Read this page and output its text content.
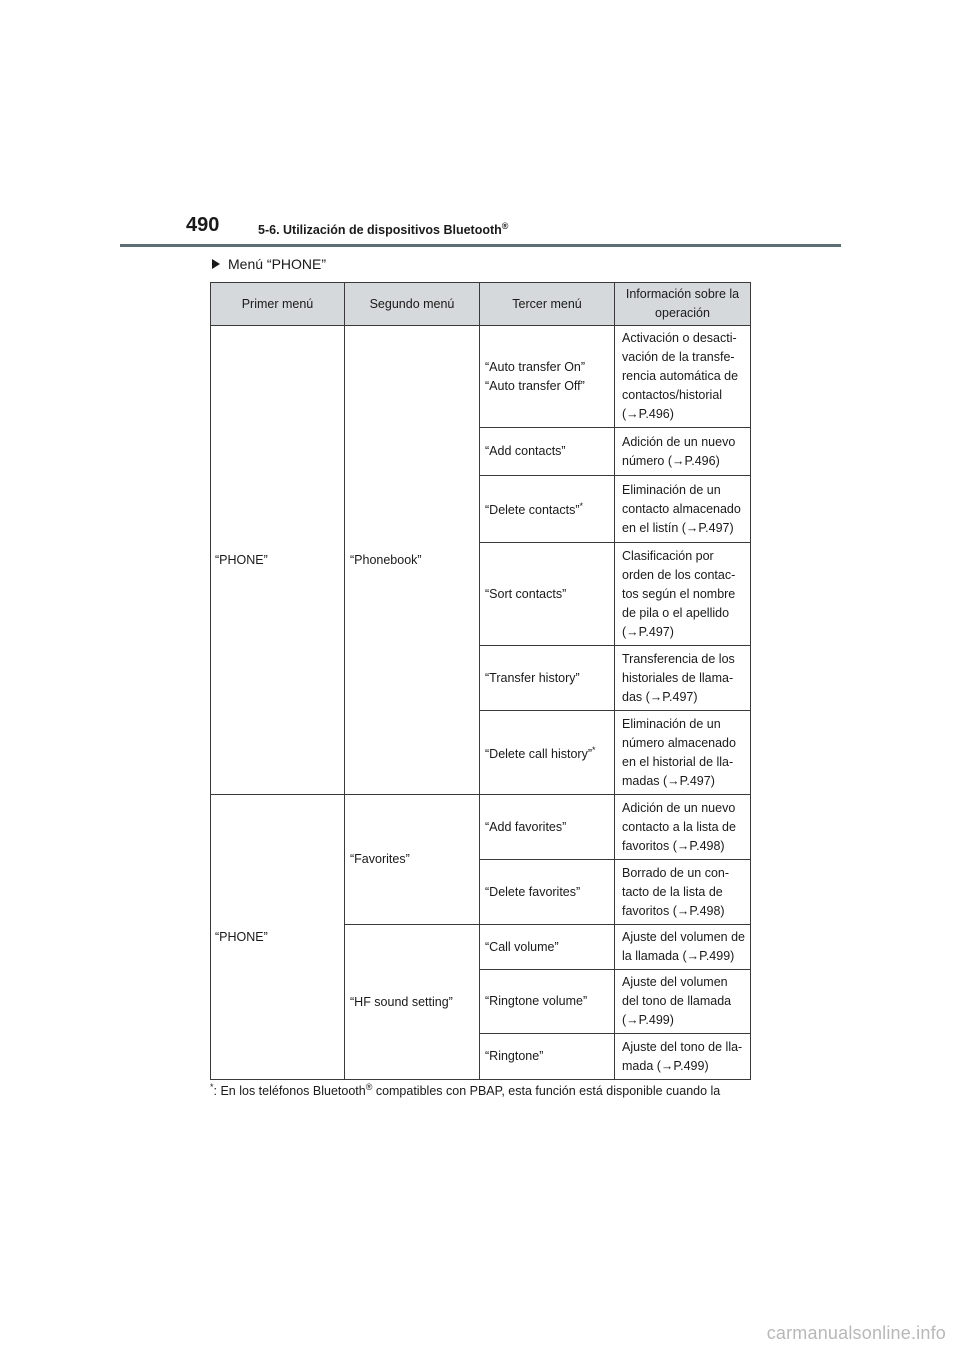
490	5-6. Utilización de dispositivos Bluetooth®
Menú “PHONE”
Primer menú	Segundo menú	Tercer menú	Información sobre la operación
“PHONE”	“Phonebook”	“Auto transfer On”
“Auto transfer Off”	Activación o desacti-
vación de la transfe-
rencia automática de
contactos/historial
(→P.496)
		“Add contacts”	Adición de un nuevo
número (→P.496)
		“Delete contacts”*	Eliminación de un
contacto almacenado
en el listín (→P.497)
		“Sort contacts”	Clasificación por
orden de los contac-
tos según el nombre
de pila o el apellido
(→P.497)
		“Transfer history”	Transferencia de los
historiales de llama-
das (→P.497)
		“Delete call history”*	Eliminación de un
número almacenado
en el historial de lla-
madas (→P.497)
“PHONE”	“Favorites”	“Add favorites”	Adición de un nuevo
contacto a la lista de
favoritos (→P.498)
		“Delete favorites”	Borrado de un con-
tacto de la lista de
favoritos (→P.498)
	“HF sound setting”	“Call volume”	Ajuste del volumen de
la llamada (→P.499)
		“Ringtone volume”	Ajuste del volumen
del tono de llamada
(→P.499)
		“Ringtone”	Ajuste del tono de lla-
mada (→P.499)
*: En los teléfonos Bluetooth® compatibles con PBAP, esta función está disponible cuando la
carmanualsonline.info
